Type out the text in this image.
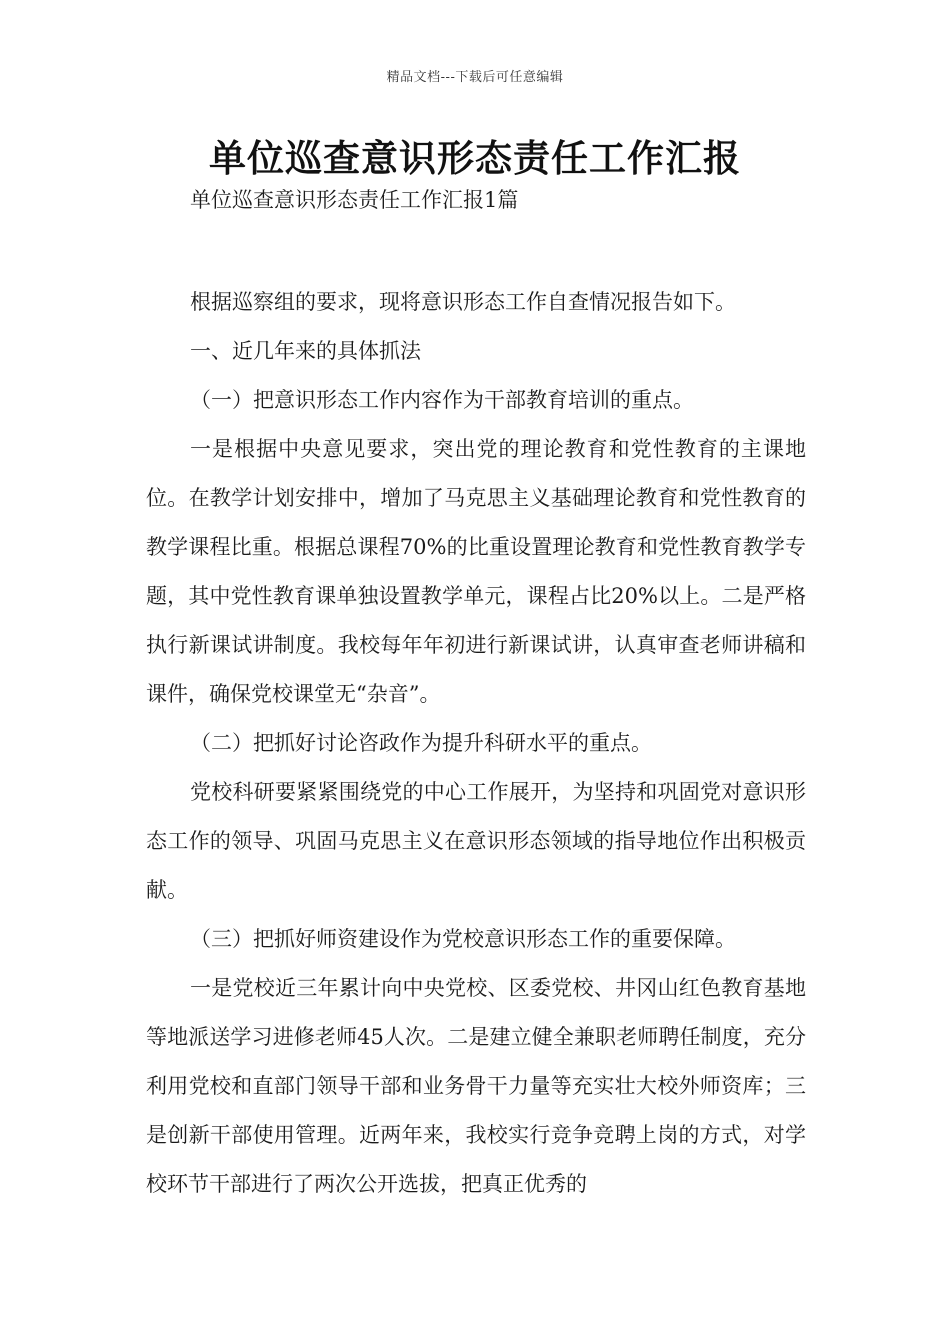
精品文档---下载后可任意编辑
单位巡查意识形态责任工作汇报
单位巡查意识形态责任工作汇报1篇

根据巡察组的要求，现将意识形态工作自查情况报告如下。

一、近几年来的具体抓法

（一）把意识形态工作内容作为干部教育培训的重点。

一是根据中央意见要求，突出党的理论教育和党性教育的主课地位。在教学计划安排中，增加了马克思主义基础理论教育和党性教育的教学课程比重。根据总课程70%的比重设置理论教育和党性教育教学专题，其中党性教育课单独设置教学单元，课程占比20%以上。二是严格执行新课试讲制度。我校每年年初进行新课试讲，认真审查老师讲稿和课件，确保党校课堂无“杂音”。

（二）把抓好讨论咨政作为提升科研水平的重点。

党校科研要紧紧围绕党的中心工作展开，为坚持和巩固党对意识形态工作的领导、巩固马克思主义在意识形态领域的指导地位作出积极贡献。

（三）把抓好师资建设作为党校意识形态工作的重要保障。

一是党校近三年累计向中央党校、区委党校、井冈山红色教育基地等地派送学习进修老师45人次。二是建立健全兼职老师聘任制度，充分利用党校和直部门领导干部和业务骨干力量等充实壮大校外师资库；三是创新干部使用管理。近两年来，我校实行竞争竞聘上岗的方式，对学校环节干部进行了两次公开选拔，把真正优秀的
